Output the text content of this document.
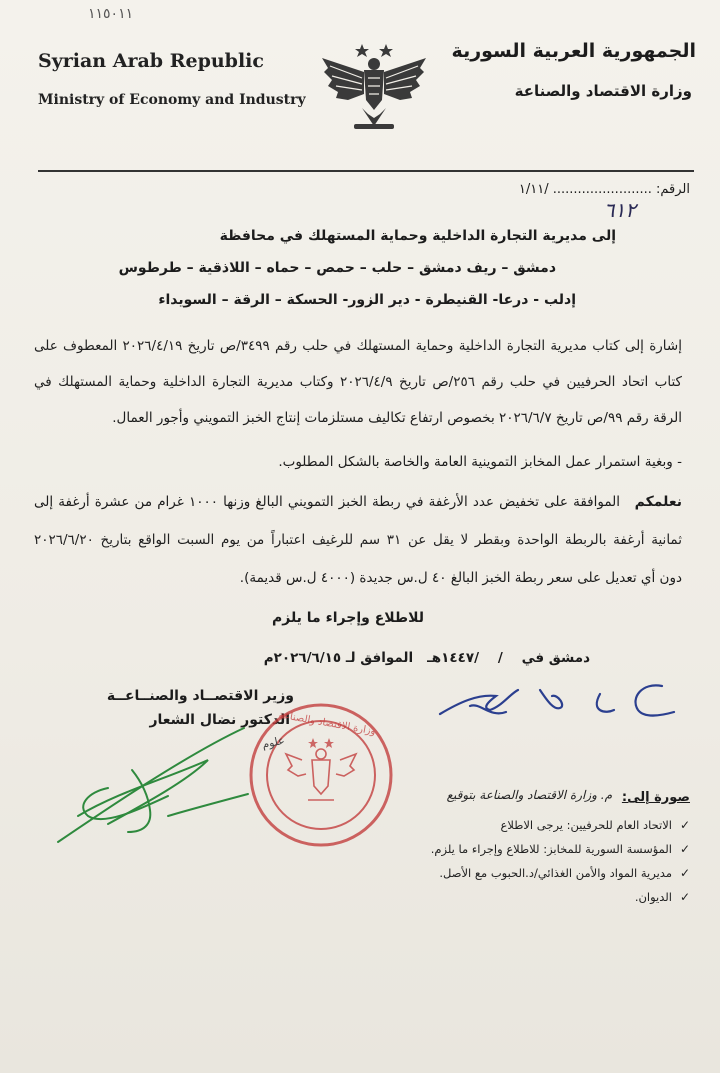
١١٥٠١١
Syrian Arab Republic
Ministry of Economy and Industry
الجمهورية العربية السورية
وزارة الاقتصاد والصناعة
الرقم: ........................ /١/١١
٦١٢
إلى مديرية التجارة الداخلية وحماية المستهلك في محافظة
دمشق – ريف دمشق – حلب – حمص – حماه – اللاذقية – طرطوس
إدلب - درعا- القنيطرة - دير الزور- الحسكة – الرقة – السويداء
إشارة إلى كتاب مديرية التجارة الداخلية وحماية المستهلك في حلب رقم ٣٤٩٩/ص تاريخ ٢٠٢٦/٤/١٩ المعطوف على
كتاب اتحاد الحرفيين في حلب رقم ٢٥٦/ص تاريخ ٢٠٢٦/٤/٩ وكتاب مديرية التجارة الداخلية وحماية المستهلك في
الرقة رقم ٩٩/ص تاريخ ٢٠٢٦/٦/٧ بخصوص ارتفاع تكاليف مستلزمات إنتاج الخبز التمويني وأجور العمال.
- وبغية استمرار عمل المخابز التموينية العامة والخاصة بالشكل المطلوب.
نعلمكم
الموافقة على تخفيض عدد الأرغفة في ربطة الخبز التمويني البالغ وزنها ١٠٠٠ غرام من عشرة أرغفة إلى
ثمانية أرغفة بالربطة الواحدة وبقطر لا يقل عن ٣١ سم للرغيف اعتباراً من يوم السبت الواقع بتاريخ ٢٠٢٦/٦/٢٠
دون أي تعديل على سعر ربطة الخبز البالغ ٤٠ ل.س جديدة (٤٠٠٠ ل.س قديمة).
للاطلاع وإجراء ما يلزم
دمشق في    /    /١٤٤٧هـ   الموافق لـ ٢٠٢٦/٦/١٥م
وزير الاقتصــاد والصنــاعــة
الدكتور نضال الشعار
وزارة الاقتصاد والصناعة
علوم
صورة إلى:
م. وزارة الاقتصاد والصناعة بتوقيع
✓
الاتحاد العام للحرفيين: يرجى الاطلاع
✓
المؤسسة السورية للمخابز: للاطلاع وإجراء ما يلزم.
✓
مديرية المواد والأمن الغذائي/د.الحبوب مع الأصل.
✓
الديوان.
